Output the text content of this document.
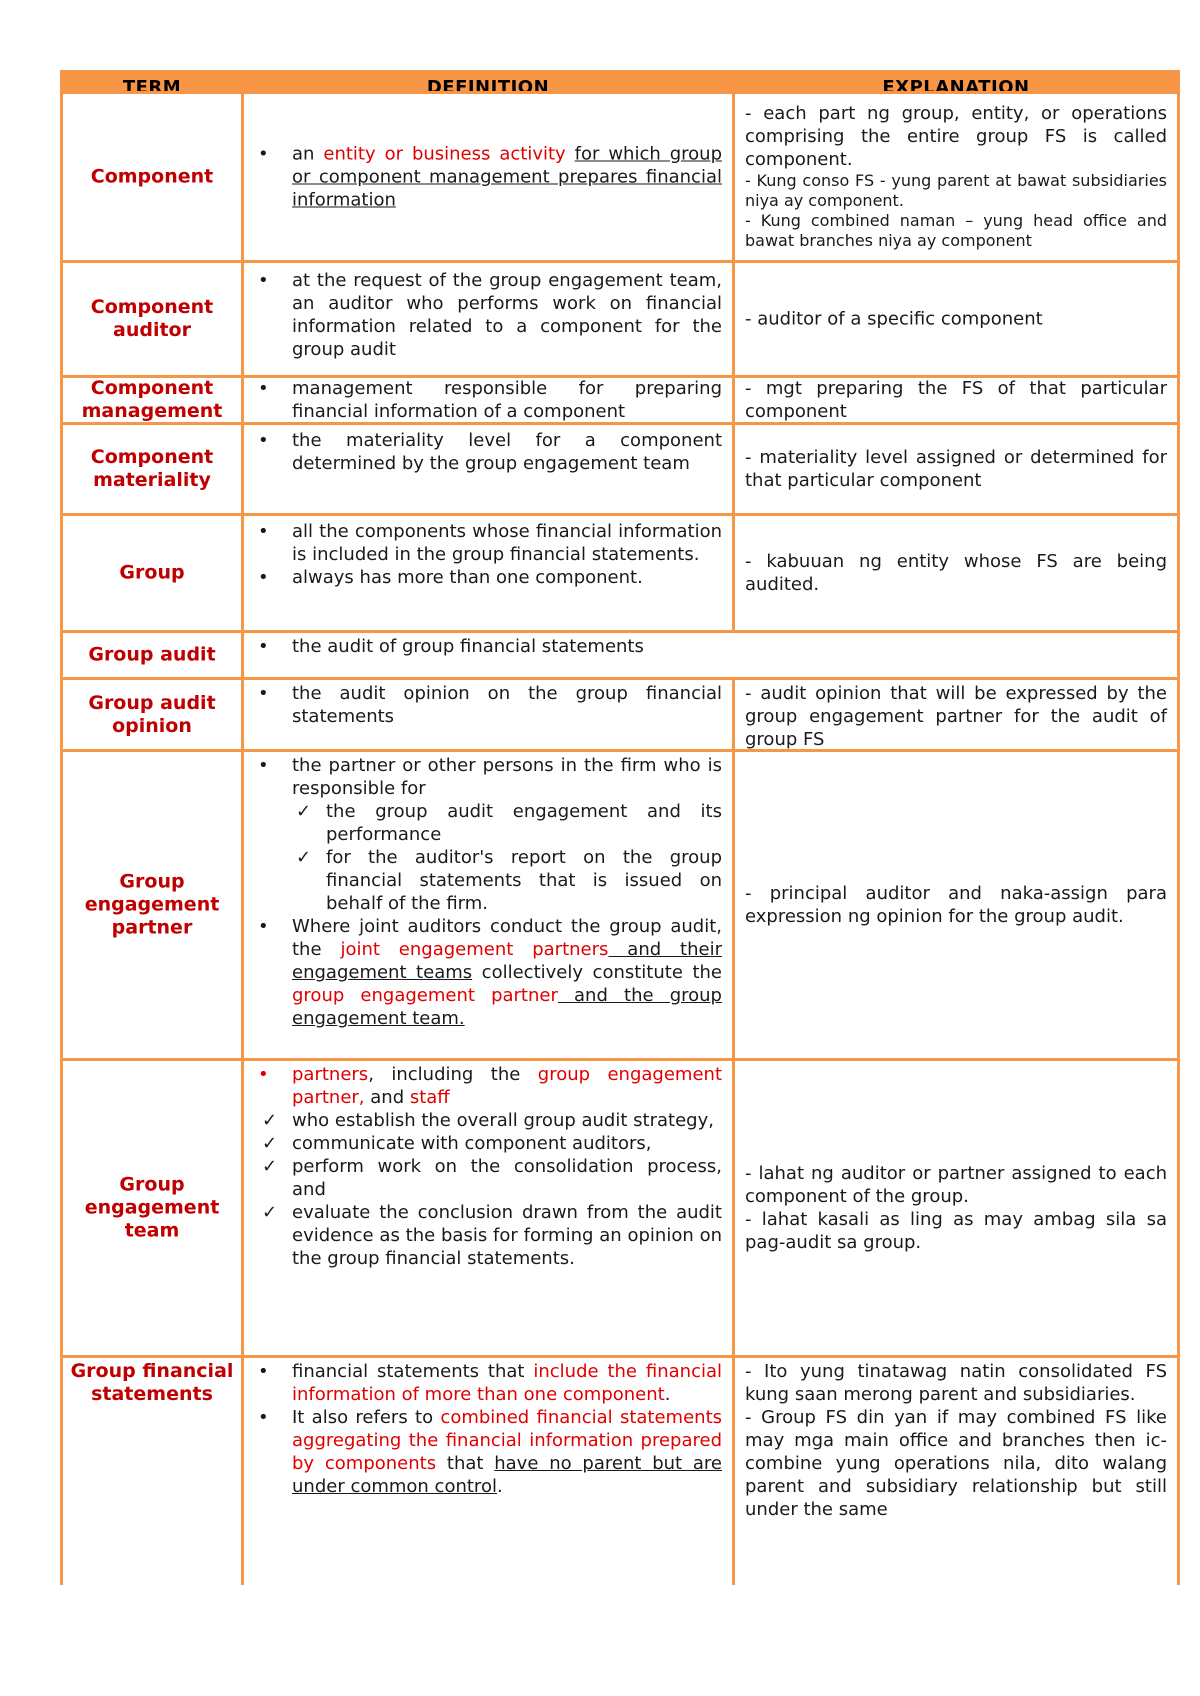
TERM	DEFINITION	EXPLANATION
Component
• an entity or business activity for which group or component management prepares financial information
- each part ng group, entity, or operations comprising the entire group FS is called component.
- Kung conso FS - yung parent at bawat subsidiaries niya ay component.
- Kung combined naman – yung head office and bawat branches niya ay component
Component auditor
• at the request of the group engagement team, an auditor who performs work on financial information related to a component for the group audit
- auditor of a specific component
Component management
• management responsible for preparing financial information of a component
- mgt preparing the FS of that particular component
Component materiality
• the materiality level for a component determined by the group engagement team	- materiality level assigned or determined for that particular component
Group
• all the components whose financial information is included in the group financial statements.
• always has more than one component.
- kabuuan ng entity whose FS are being audited.
Group audit
•	the audit of group financial statements
Group audit opinion
• the audit opinion on the group financial statements
- audit opinion that will be expressed by the group engagement partner for the audit of group FS
Group engagement partner
• the partner or other persons in the firm who is responsible for
✓ the group audit engagement and its performance
✓ for the auditor's report on the group financial statements that is issued on behalf of the firm.
• Where joint auditors conduct the group audit, the joint engagement partners and their engagement teams collectively constitute the group engagement partner and the group engagement team.
- principal auditor and naka-assign para expression ng opinion for the group audit.
Group engagement team
• partners, including the group engagement partner, and staff
✓ who establish the overall group audit strategy,
✓ communicate with component auditors,
✓ perform work on the consolidation process, and
✓ evaluate the conclusion drawn from the audit evidence as the basis for forming an opinion on the group financial statements.
- lahat ng auditor or partner assigned to each component of the group.
- lahat kasali as ling as may ambag sila sa pag-audit sa group.
Group financial statements
• financial statements that include the financial information of more than one component.
• It also refers to combined financial statements aggregating the financial information prepared by components that have no parent but are under common control.
- Ito yung tinatawag natin consolidated FS kung saan merong parent and subsidiaries.
- Group FS din yan if may combined FS like may mga main office and branches then ic-combine yung operations nila, dito walang parent and subsidiary relationship but still under the same
